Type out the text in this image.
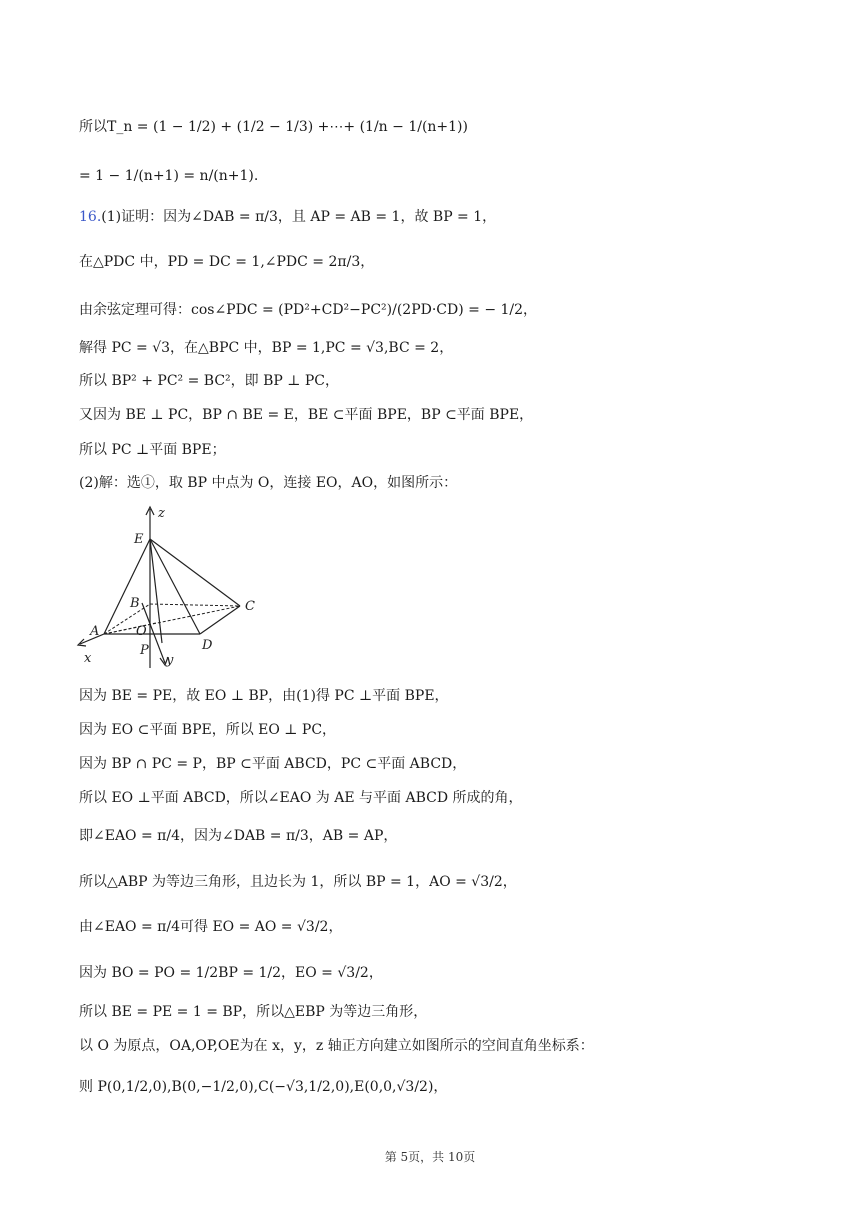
所以T_n = (1 − 1/2) + (1/2 − 1/3) +⋯+ (1/n − 1/(n+1))
= 1 − 1/(n+1) = n/(n+1).
16.(1)证明：因为∠DAB = π/3，且 AP = AB = 1，故 BP = 1，
在△PDC 中，PD = DC = 1,∠PDC = 2π/3，
由余弦定理可得：cos∠PDC = (PD²+CD²−PC²)/(2PD·CD) = − 1/2，
解得 PC = √3，在△BPC 中，BP = 1,PC = √3,BC = 2，
所以 BP² + PC² = BC²，即 BP ⊥ PC，
又因为 BE ⊥ PC，BP ∩ BE = E，BE ⊂平面 BPE，BP ⊂平面 BPE，
所以 PC ⊥平面 BPE；
(2)解：选①，取 BP 中点为 O，连接 EO，AO，如图所示：
因为 BE = PE，故 EO ⊥ BP，由(1)得 PC ⊥平面 BPE，
因为 EO ⊂平面 BPE，所以 EO ⊥ PC，
因为 BP ∩ PC = P，BP ⊂平面 ABCD，PC ⊂平面 ABCD，
所以 EO ⊥平面 ABCD，所以∠EAO 为 AE 与平面 ABCD 所成的角，
即∠EAO = π/4，因为∠DAB = π/3，AB = AP，
所以△ABP 为等边三角形，且边长为 1，所以 BP = 1，AO = √3/2，
由∠EAO = π/4可得 EO = AO = √3/2，
因为 BO = PO = 1/2BP = 1/2，EO = √3/2，
所以 BE = PE = 1 = BP，所以△EBP 为等边三角形，
以 O 为原点，OA,OP,OE为在 x，y，z 轴正方向建立如图所示的空间直角坐标系：
则 P(0,1/2,0),B(0,−1/2,0),C(−√3,1/2,0),E(0,0,√3/2)，
z
E
B	C
A	O
P	D
x	y
第 5页，共 10页
